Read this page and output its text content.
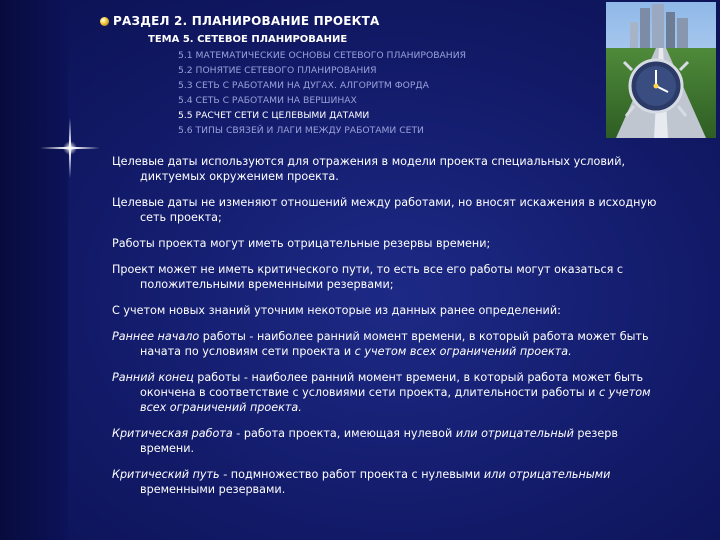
РАЗДЕЛ 2. ПЛАНИРОВАНИЕ ПРОЕКТА
ТЕМА 5. СЕТЕВОЕ ПЛАНИРОВАНИЕ
5.1 МАТЕМАТИЧЕСКИЕ ОСНОВЫ СЕТЕВОГО ПЛАНИРОВАНИЯ
5.2 ПОНЯТИЕ СЕТЕВОГО ПЛАНИРОВАНИЯ
5.3 СЕТЬ С РАБОТАМИ НА ДУГАХ. АЛГОРИТМ ФОРДА
5.4 СЕТЬ С РАБОТАМИ НА ВЕРШИНАХ
5.5 РАСЧЕТ СЕТИ С ЦЕЛЕВЫМИ ДАТАМИ
5.6 ТИПЫ СВЯЗЕЙ И ЛАГИ МЕЖДУ РАБОТАМИ СЕТИ
Целевые даты используются для отражения в модели проекта специальных условий, диктуемых окружением проекта.
Целевые даты не изменяют отношений между работами, но вносят искажения в исходную сеть проекта;
Работы проекта могут иметь отрицательные резервы времени;
Проект может не иметь критического пути, то есть все его работы могут оказаться с положительными временными резервами;
С учетом новых знаний уточним некоторые из данных ранее определений:
Раннее начало работы - наиболее ранний момент времени, в который работа может быть начата по условиям сети проекта и с учетом всех ограничений проекта.
Ранний конец работы - наиболее ранний момент времени, в который работа может быть окончена в соответствие с условиями сети проекта, длительности работы и с учетом всех ограничений проекта.
Критическая работа - работа проекта, имеющая нулевой или отрицательный резерв времени.
Критический путь - подмножество работ проекта с нулевыми или отрицательными временными резервами.
